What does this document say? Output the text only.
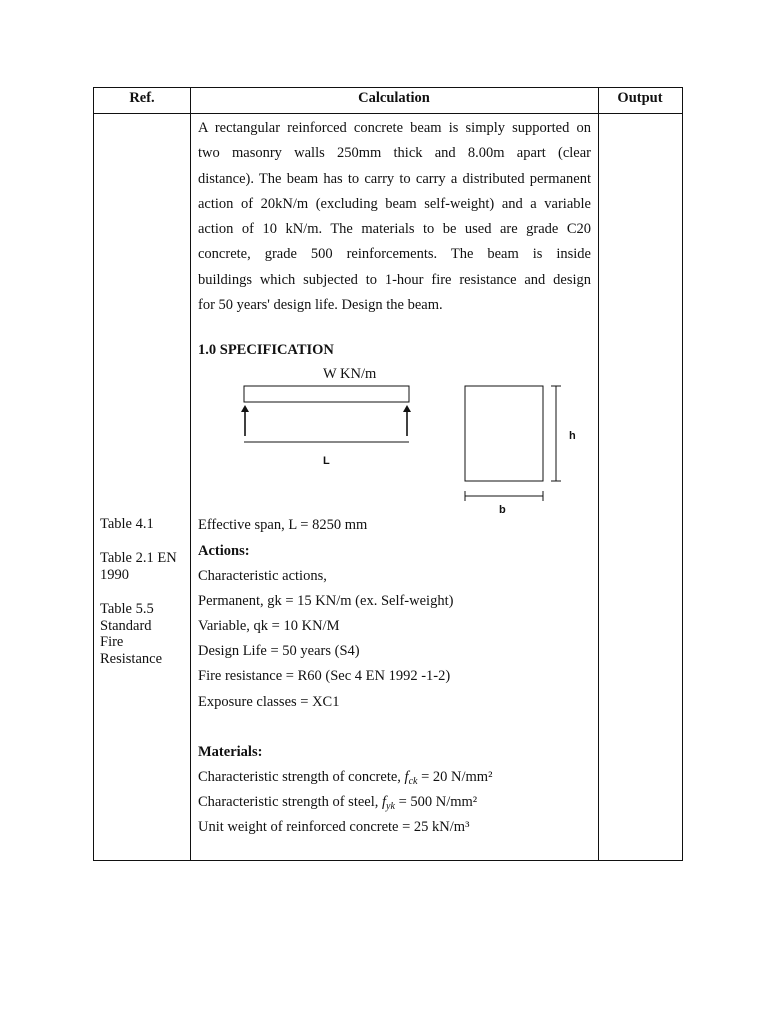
Ref.	Calculation	Output
A rectangular reinforced concrete beam is simply supported on
two masonry walls 250mm thick and 8.00m apart (clear
distance). The beam has to carry to carry a distributed permanent
action of 20kN/m (excluding beam self-weight) and a variable
action of 10 kN/m. The materials to be used are grade C20
concrete, grade 500 reinforcements. The beam is inside
buildings which subjected to 1-hour fire resistance and design
for 50 years' design life. Design the beam.
1.0 SPECIFICATION
W KN/m
L
h
b
Table 4.1
Table 2.1 EN
1990
Table 5.5
Standard
Fire
Resistance
Effective span, L = 8250 mm
Actions:
Characteristic actions,
Permanent, gk = 15 KN/m (ex. Self-weight)
Variable, qk = 10 KN/M
Design Life = 50 years (S4)
Fire resistance = R60 (Sec 4 EN 1992 -1-2)
Exposure classes = XC1
Materials:
Characteristic strength of concrete, $f_{ck} = 20$ N/mm²
Characteristic strength of steel, $f_{yk} = 500$ N/mm²
Unit weight of reinforced concrete = 25 kN/m³
